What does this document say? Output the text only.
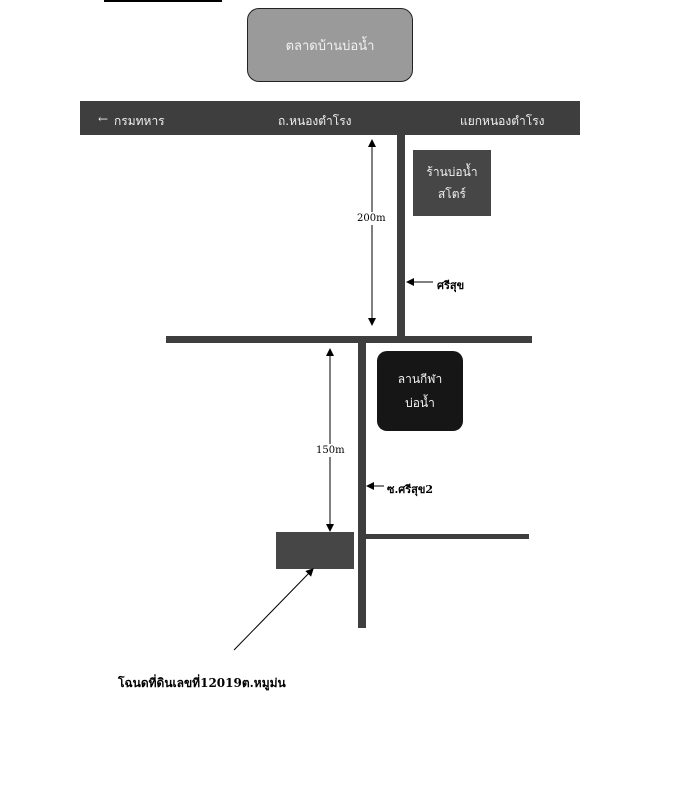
ตลาดบ้านบ่อน้ำ
← กรมทหาร	ถ.หนองตำโรง	แยกหนองตำโรง
ร้านบ่อน้ำ
สโตร์
ลานกีฬา
บ่อน้ำ
200m
150m
ศรีสุข
ซ.ศรีสุข2
โฉนดที่ดินเลขที่12019ต.หมูม่น
